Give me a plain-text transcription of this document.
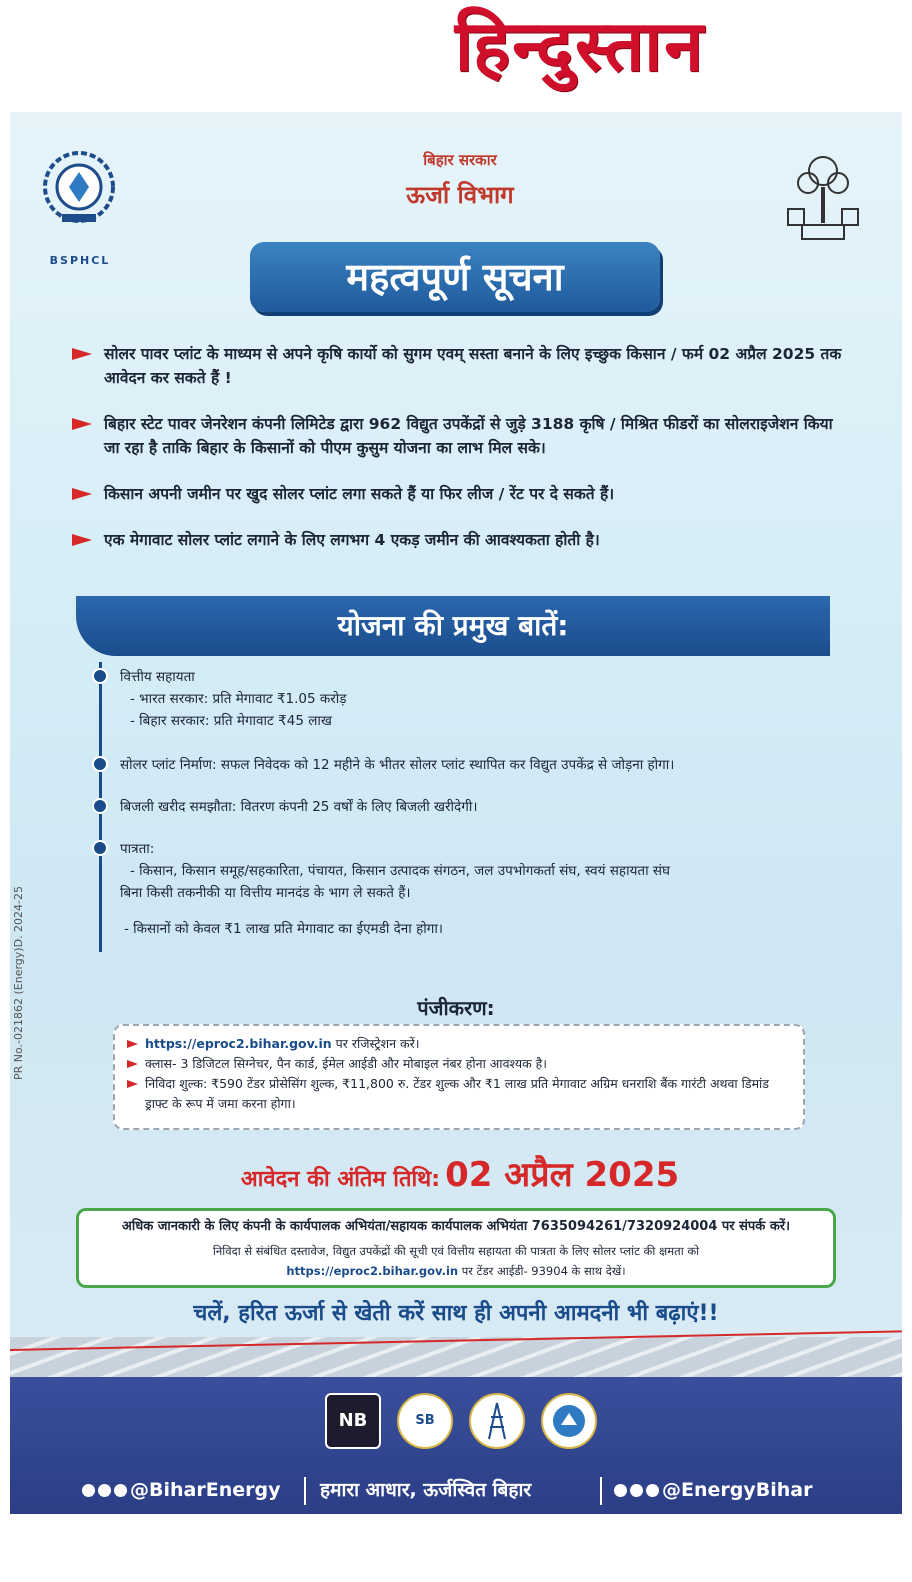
हिन्दुस्तान
BSPHCL
बिहार सरकार
ऊर्जा विभाग
महत्वपूर्ण सूचना
सोलर पावर प्लांट के माध्यम से अपने कृषि कार्यो को सुगम एवम् सस्ता बनाने के लिए इच्छुक किसान / फर्म 02 अप्रैल 2025 तक आवेदन कर सकते हैं !
बिहार स्टेट पावर जेनरेशन कंपनी लिमिटेड द्वारा 962 विद्युत उपकेंद्रों से जुड़े 3188 कृषि / मिश्रित फीडरों का सोलराइजेशन किया जा रहा है ताकि बिहार के किसानों को पीएम कुसुम योजना का लाभ मिल सके।
किसान अपनी जमीन पर खुद सोलर प्लांट लगा सकते हैं या फिर लीज / रेंट पर दे सकते हैं।
एक मेगावाट सोलर प्लांट लगाने के लिए लगभग 4 एकड़ जमीन की आवश्यकता होती है।
योजना की प्रमुख बातें:
वित्तीय सहायता
- भारत सरकार: प्रति मेगावाट ₹1.05 करोड़
- बिहार सरकार: प्रति मेगावाट ₹45 लाख
सोलर प्लांट निर्माण: सफल निवेदक को 12 महीने के भीतर सोलर प्लांट स्थापित कर विद्युत उपकेंद्र से जोड़ना होगा।
बिजली खरीद समझौता: वितरण कंपनी 25 वर्षों के लिए बिजली खरीदेगी।
पात्रता:
- किसान, किसान समूह/सहकारिता, पंचायत, किसान उत्पादक संगठन, जल उपभोगकर्ता संघ, स्वयं सहायता संघ
बिना किसी तकनीकी या वित्तीय मानदंड के भाग ले सकते हैं।
- किसानों को केवल ₹1 लाख प्रति मेगावाट का ईएमडी देना होगा।
पंजीकरण:
https://eproc2.bihar.gov.in पर रजिस्ट्रेशन करें।
क्लास- 3 डिजिटल सिग्नेचर, पैन कार्ड, ईमेल आईडी और मोबाइल नंबर होना आवश्यक है।
निविदा शुल्क: ₹590 टेंडर प्रोसेसिंग शुल्क, ₹11,800 रु. टेंडर शुल्क और ₹1 लाख प्रति मेगावाट अग्रिम धनराशि बैंक गारंटी अथवा डिमांड ड्राफ्ट के रूप में जमा करना होगा।
आवेदन की अंतिम तिथि: 02 अप्रैल 2025
अधिक जानकारी के लिए कंपनी के कार्यपालक अभियंता/सहायक कार्यपालक अभियंता 7635094261/7320924004 पर संपर्क करें।
निविदा से संबंधित दस्तावेज, विद्युत उपकेंद्रों की सूची एवं वित्तीय सहायता की पात्रता के लिए सोलर प्लांट की क्षमता को
https://eproc2.bihar.gov.in पर टेंडर आईडी- 93904 के साथ देखें।
चलें, हरित ऊर्जा से खेती करें साथ ही अपनी आमदनी भी बढ़ाएं!!
NB	SB
@BiharEnergy हमारा आधार, ऊर्जस्वित बिहार	@EnergyBihar
PR No.-021862 (Energy)D. 2024-25
